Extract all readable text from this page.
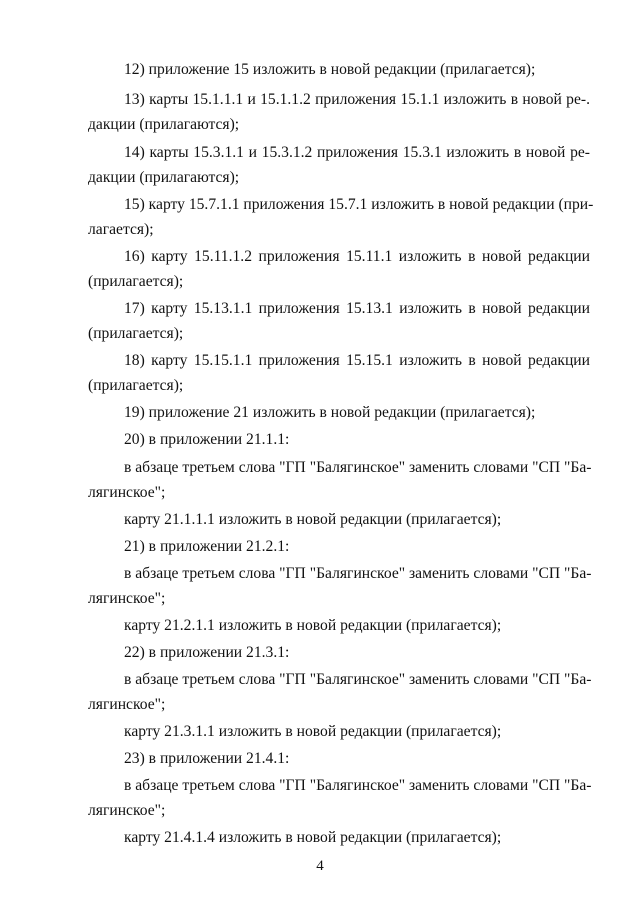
12) приложение 15 изложить в новой редакции (прилагается);
13) карты 15.1.1.1 и 15.1.1.2 приложения 15.1.1 изложить в новой ре-.
дакции (прилагаются);
14) карты 15.3.1.1 и 15.3.1.2 приложения 15.3.1 изложить в новой ре-
дакции (прилагаются);
15) карту 15.7.1.1 приложения 15.7.1 изложить в новой редакции (при-
лагается);
16) карту 15.11.1.2 приложения 15.11.1 изложить в новой редакции
(прилагается);
17) карту 15.13.1.1 приложения 15.13.1 изложить в новой редакции
(прилагается);
18) карту 15.15.1.1 приложения 15.15.1 изложить в новой редакции
(прилагается);
19) приложение 21 изложить в новой редакции (прилагается);
20) в приложении 21.1.1:
в абзаце третьем слова "ГП "Балягинское" заменить словами "СП "Ба-
лягинское";
карту 21.1.1.1 изложить в новой редакции (прилагается);
21) в приложении 21.2.1:
в абзаце третьем слова "ГП "Балягинское" заменить словами "СП "Ба-
лягинское";
карту 21.2.1.1 изложить в новой редакции (прилагается);
22) в приложении 21.3.1:
в абзаце третьем слова "ГП "Балягинское" заменить словами "СП "Ба-
лягинское";
карту 21.3.1.1 изложить в новой редакции (прилагается);
23) в приложении 21.4.1:
в абзаце третьем слова "ГП "Балягинское" заменить словами "СП "Ба-
лягинское";
карту 21.4.1.4 изложить в новой редакции (прилагается);
4
